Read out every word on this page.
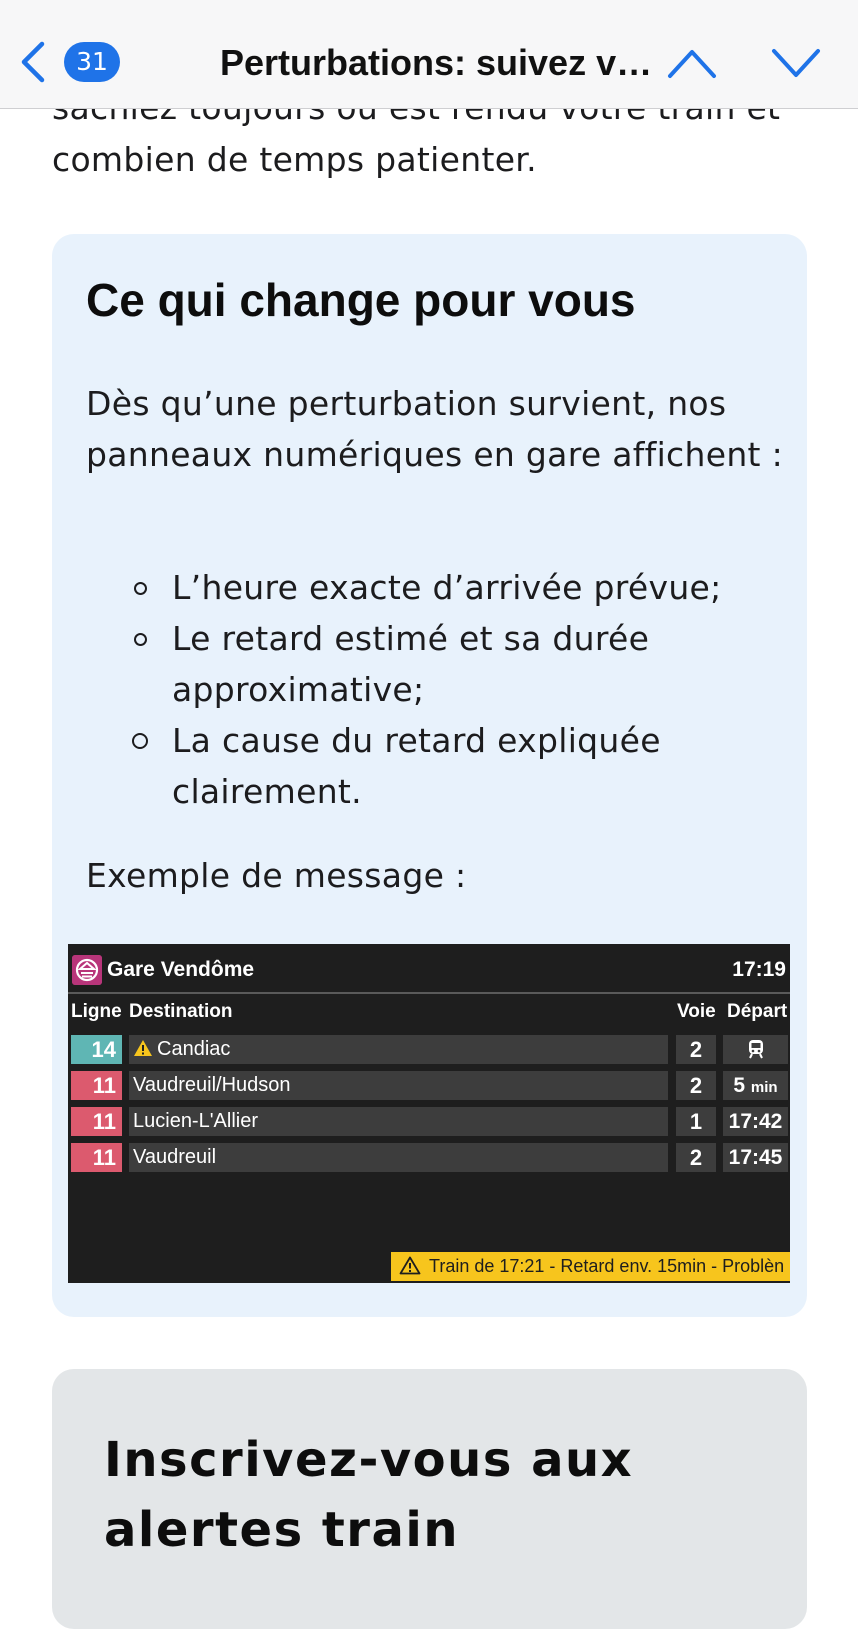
31	Perturbations: suivez v…
combien de temps patienter.
Ce qui change pour vous

Dès qu’une perturbation survient, nos panneaux numériques en gare affichent :

L’heure exacte d’arrivée prévue;
Le retard estimé et sa durée approximative;
La cause du retard expliquée clairement.

Exemple de message :

Gare Vendôme	17:19
Ligne Destination	Voie Départ
14	Candiac	2
11 Vaudreuil/Hudson	2	5 min
11 Lucien-L'Allier	1	17:42
11 Vaudreuil	2	17:45
Train de 17:21 - Retard env. 15min - Problèn
Inscrivez-vous aux alertes train
